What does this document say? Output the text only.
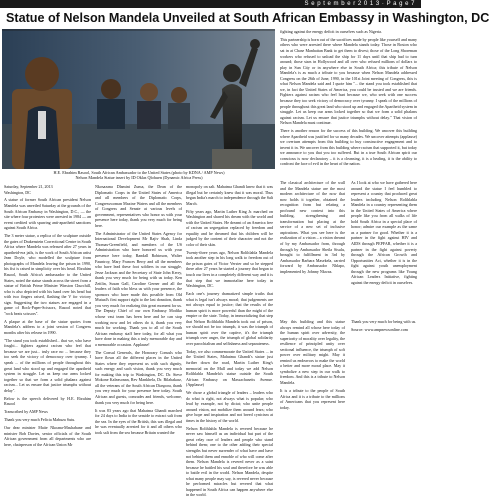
S e p t e m b e r 2 0 1 3 · P a g e 7
Statue of Nelson Mandela Unveiled at South African Embassy in Washington, DC
H.E. Ebrahim Rasool, South African Ambassador to the United States (photo by KDNA / AMP News)
Nelson Mandela Statue insert by ID Oklas Qlohuen (Dynamic Africa Press)

Saturday, September 21, 2013

Washington, DC

A statue of former South African president Nelson Mandela was unveiled Saturday at the grounds of the South African Embassy in Washington, D.C., — the site where four protesters were arrested in 1984 — an event credited with spurring anti-apartheid sanctions against South Africa.

The 3 meter statue, a replica of the sculpture outside the gates of Drakenstein Correctional Centre in South Africa where Mandela was released after 27 years in apartheid-era jails, is the work of South African artist Jean Doyle, who modelled the sculpture from photographs of Mandela leaving the prison in 1990, his fist is raised in simplicity over his head. Ebrahim Rasool, South Africa's ambassador to the United States, noted the statue stands across the street from a statue of British Prime Minister Winston Churchill, who is also depicted with his hand over his head but with two fingers raised, flashing the V for victory sign. Suggesting the two statues are engaged in a game of Rock-Paper-Scissors, Rasool noted that "rock beats scissors".

A plaque at the base of the statue quotes from Mandela's address to a joint session of Congress months after his release in 1990.

"The stand you took established... that we, who have fought... fighters against racism who feel that because we are just... truly race no ... because they too seek the victory of democracy over tyranny. I speak ... of the millions of people throughout this great land who stood up and engaged the apartheid system in struggle. Let us keep our arms locked together so that we form a solid phalanx against racism... Let us ensure that justice triumphs without delay".

Below is the speech delivered by H.E. Ebrahim Rasool

Transcribed by AMP News

Thank you very much Felicia Mabuza Sutu.

Our dear minister Maite Nkoana-Mashabane and minister Bob Davies, senior officials of the South African government from all departments who are here, chairperson of the African Union Mr

Nkosazana Dlamini Zuma, the Dean of the Diplomatic Corps in the United States of America and all members of the Diplomatic Corps, Congresswoman Maxine Waters and all the members of Congress and Senate at various levels of government, representatives who honor us with your presence here today, thank you very much for being here.

The Administrator of the United States Agency for International Development Mr Rajiv Shah, Linda Thomas-Greenfield, and members of the US Administration who have honored us with your presence here today, Randall Robinson, Walter Fauntroy, Mary Frances Berry and all the members who have lead these foot soldiers in our struggle, Jesse Jackson and the Secretary of State John Kerry, thank you very much for being with us today. Ken Zeitlin, Susan Gall, Caroline Gerner and all the leaders of faith who bless us with your presence, the sponsors who have made this possible from Old Mutual's first support right to the last donation, thank you very much for realizing this great moment for us. The Deputy Chief of our own Embassy Modiko whose vast team has been here and he can stop working now and let others do it, thank you very much for working. Thank you to all of the South African embassy staff here today, for all what you have done in making this a truly memorable day and a memorable occasion. Applause!

The Consul Generals, the Honorary Consuls who have flown all the different places in the United States where they represent us with such dignity, such energy and such vision, thank you very much for making this trip to Washington, DC. Dr. Steve Mokone Kaleasonan, Rev Mankhela, Dr. Bilabakarz, all the veterans of the South African Diaspora, thank you very much for your presence here today. South African and guests, comrades and friends, welcome, thank you very much for being here.

It was 83 years ago that Mahatma Ghandi marched for 24 days to India to the seaside to extract salt from the sea. In the eyes of the British, this was illegal and he was eventually arrested for it and all others who took salt from the sea because Britain wanted the

monopoly on salt. Mahatma Ghandi knew that it was illegal but he certainly knew that it was moral. Thus began India's march to independence through the Salt March.

Fifty years ago, Martin Luther King Jr. marched on Washington and shared his dream with the world and with the United States. He dreamt of an America free of racism an segregation replaced by freedom and equality and he dreamed that his children will be judged by the content of their character and not the color of their skin.

Twenty-three years ago, Nelson Rolihlahla Mandela took another step in his long walk to freedom out of the prison gates of Victor Verster and so he stepped there after 27 years he started a journey that began to touch our lives in a completely different way and it is that step that we immortalize here today in Washington, DC.

Each one's journey dramatized simple truths that what is legal isn't always moral; that judgements are not always equal to justice; that the results of the human spirit is more powerful than the might of the empire or the state. Today, in immortalizing that step that Nelson Rolihlahla Mandela took out of prison, we should not be too triumph, it was the triumph of human spirit over the captive, it's the triumph triumph over anger, the triumph of global solidarity over parochialism and selfishness and separateness.

Today, we also commemorate the United States ... in the United States, Mahatma Ghandi's statue just further down the road, Martin Luther King's memorial on the Mall and today we add Nelson Rolihlahla Mandela's statue outside the South African Embassy on Massachusetts Avenue. (Applause)

We chose a global triangle of leaders – leaders who do what is right, not always what is popular; who lead by example, not by dictat; who unite people around vision, not mobilize them around fears; who give hope and inspiration and not breed cynicism at times in the history of the world.

Nelson Rolihlahla Mandela is revered because he never saw himself as an individual but part of the great relay race of leaders and people who stand behind them; one to the other adding their special strengths but never surrender of what have and have not behind them and ennoble of who will come after them. Nelson Mandela is revered never as a saint because he battled his soul and therefore he was able to battle evil in the world. Nelson Mandela, despite what many people may say, is revered never because he performed miracles but revered that what happened in South Africa can happen anywhere else in the world.

fighting against the energy deficit in ourselves such as Nigeria.

This partnership is born out of the sacrifices made by people like yourself and many others who were arrested there where Mandela stands today. Those in Boston who sat in at Chase Manhattan Bank to get them to divest; those of the Long Shoreman workers who refused to unload the ship for 11 days until that ship had to turn around; those stars in Hollywood and all over who refused millions of dollars to play in Sun City or in anywhere else in South Africa; this tribute of Nelson Mandela's is as much a tribute to you because when Nelson Mandela addressed Congress on the 26th of June, 1990, in the 101st Joint meeting of Congress, this is what Nelson Mandela said and I quote him "... the stand you took established that we, in fact the United States of America, you could be trusted and we are friends. Fighters against racism who feel hurt because we, who seek with one success because they too seek victory of democracy over tyranny. I speak of the millions of people throughout this great land who stood up and engaged the Apartheid system in struggle. Let us keep our arms locked together so that we form a solid phalanx against racism. Let us ensure that justice triumphs without delay." That vision of Nelson Mandela must continue.

There is another reason for the success of this building. We uncover this building where Apartheid was justified for so many decades. We uncover attempts (applause) we overturn attempts from this building to buy constructive engagement and to invent it in. We uncover from this building where racism that supported it, but today we announce to you that you too suffered. But in a true South African spirit our conscious is now declaratory – it is a cleansing, it is a healing, it is the ability to confront the face of evil in the heart of the nation.

The classical architecture of the wall and the Mandela statue are the most modern architecture of the now that now holds it together, obtained the recognition from but relating a profound new context into this building, strengthening and transformation but placing at the service of a new set of inclusive aspirations. What you see here is the realization of a vision – a vision dreamt of by my Ambassador from, through through by Ambassador Sheila Sisulu, brought to fulfillment in 3rd by Ambassador Barbara Masekela, carried forward by Ambassador Nhlapo, implemented by Johnny Nkwaz.

As I look at who we have gathered here around the statue I feel humbled to represent a country that produced great leaders including Nelson Rolihlahla Mandela in a country representing them in the United States of America where people like you from all walks of life hold South Africa in a special place of honor; admire our example as the same as a partner for good. Whether it is a partner in the fight against HIV and AIDS through PEPFAR, whether it is a partner in the fight against poverty through the African Growth and Opportunities Act, whether it is in the fight against youth unemployment through the new programs like Young African Leaders Initiative, fighting against the energy deficit in ourselves.

May this building and this statue always remind all whose here today of the human spirit over adversity, the superiority of morality over legality, the resilience of principled unity over sectional influence, the triumph of soft power over military might. May it remind us endeavors to make the world a better and more moral place. May it symbolize a new step in our walk to freedom. And this is a tribute to Nelson Mandela.

It is a tribute to the people of South Africa and it is a tribute to the millions of Americans that you represent here today.

Thank you very much for being with us.

Source: www.ampnewsonline.com
